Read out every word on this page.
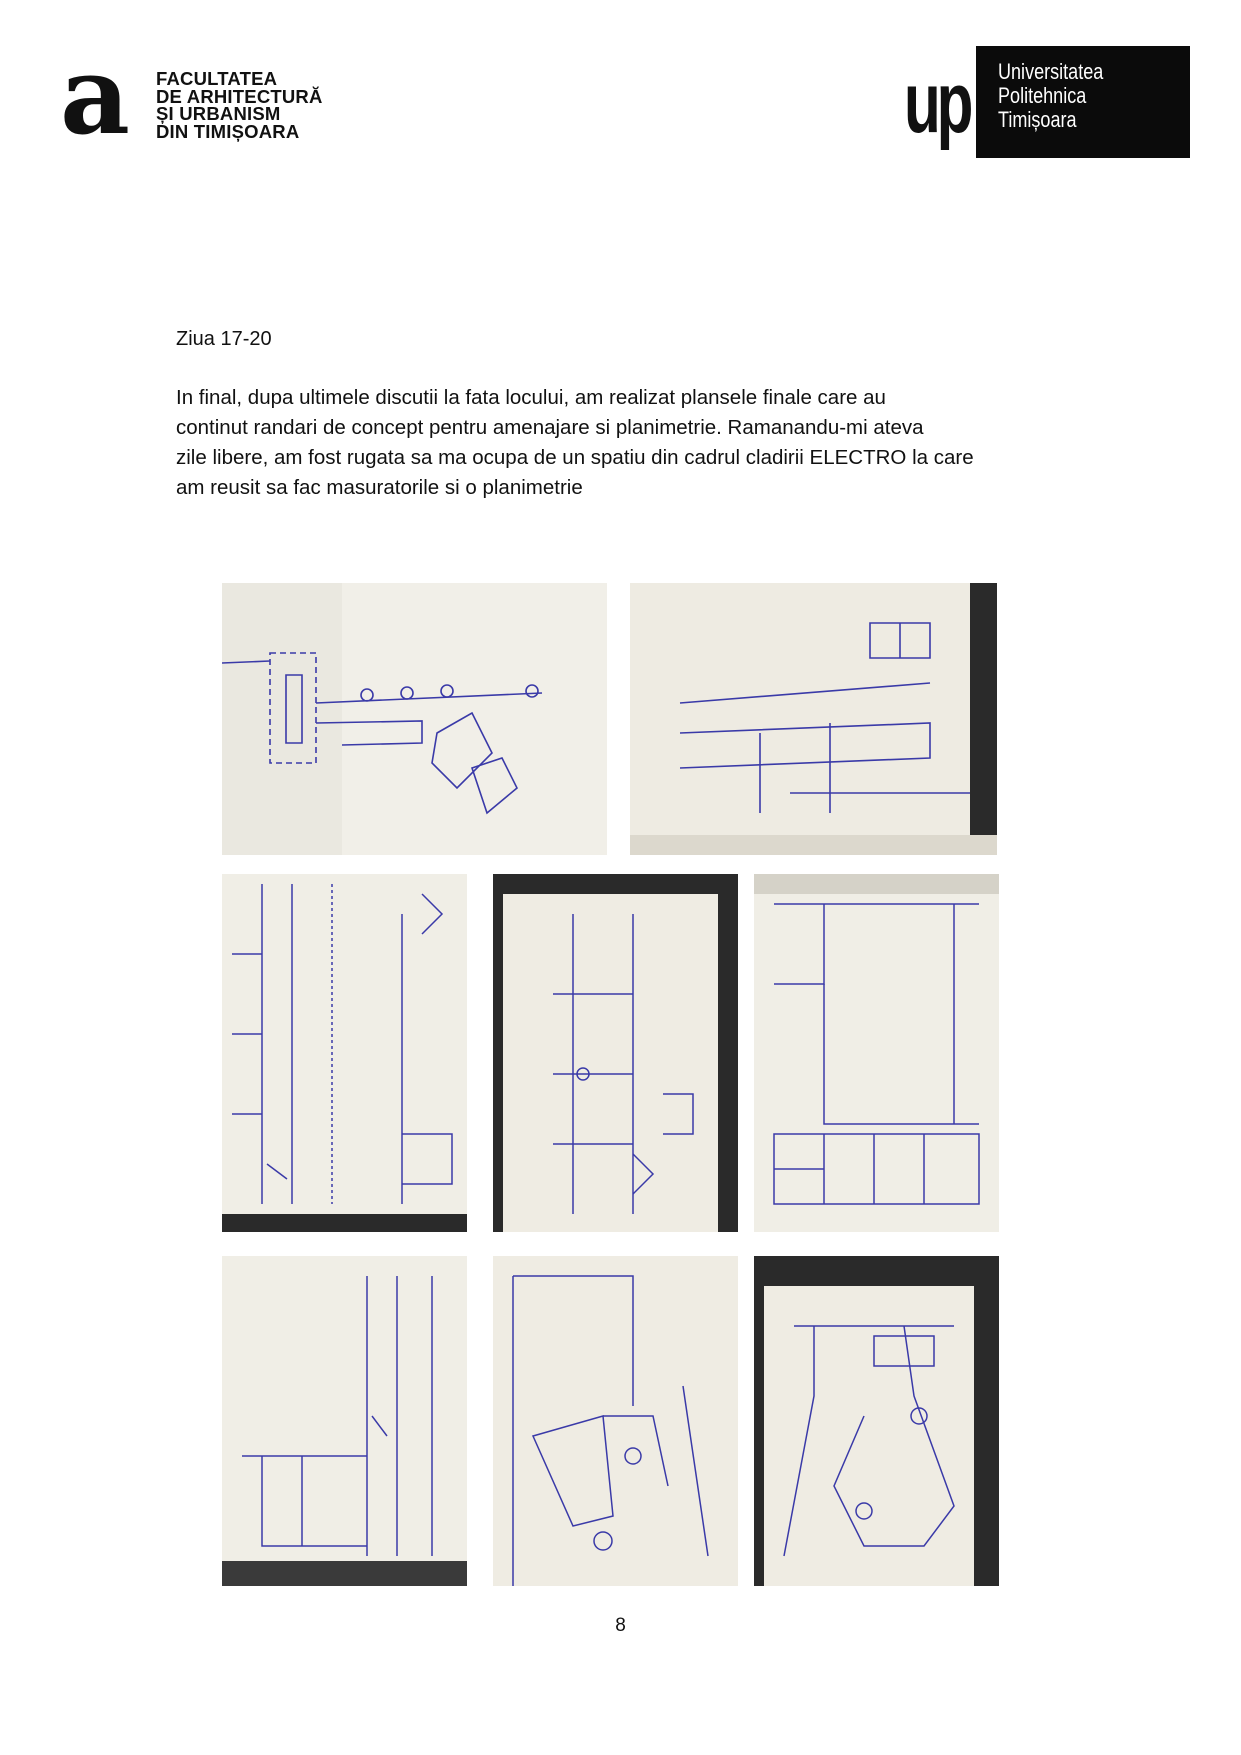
a	FACULTATEA
DE ARHITECTURĂ
ȘI URBANISM
DIN TIMIȘOARA	up Universitatea
Politehnica
Timișoara
Ziua 17-20
In final, dupa ultimele discutii la fata locului, am realizat plansele finale care au
continut randari de concept pentru amenajare si planimetrie. Ramanandu-mi ateva
zile libere, am fost rugata sa ma ocupa de un spatiu din cadrul cladirii ELECTRO la care
am reusit sa fac masuratorile si o planimetrie
8
